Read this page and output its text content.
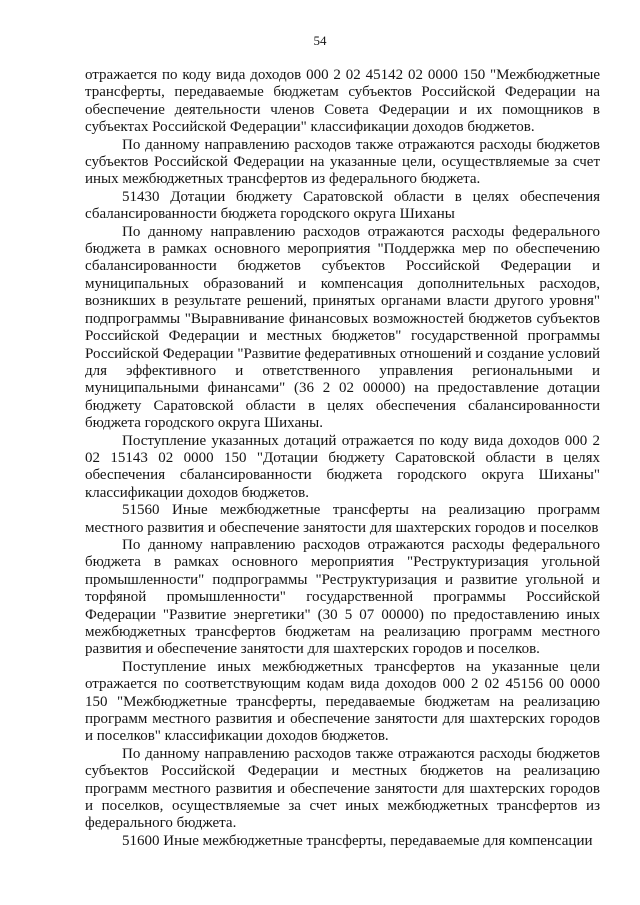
54

отражается по коду вида доходов 000 2 02 45142 02 0000 150 "Межбюджетные трансферты, передаваемые бюджетам субъектов Российской Федерации на обеспечение деятельности членов Совета Федерации и их помощников в субъектах Российской Федерации" классификации доходов бюджетов.

По данному направлению расходов также отражаются расходы бюджетов субъектов Российской Федерации на указанные цели, осуществляемые за счет иных межбюджетных трансфертов из федерального бюджета.

51430 Дотации бюджету Саратовской области в целях обеспечения сбалансированности бюджета городского округа Шиханы

По данному направлению расходов отражаются расходы федерального бюджета в рамках основного мероприятия "Поддержка мер по обеспечению сбалансированности бюджетов субъектов Российской Федерации и муниципальных образований и компенсация дополнительных расходов, возникших в результате решений, принятых органами власти другого уровня" подпрограммы "Выравнивание финансовых возможностей бюджетов субъектов Российской Федерации и местных бюджетов" государственной программы Российской Федерации "Развитие федеративных отношений и создание условий для эффективного и ответственного управления региональными и муниципальными финансами" (36 2 02 00000) на предоставление дотации бюджету Саратовской области в целях обеспечения сбалансированности бюджета городского округа Шиханы.

Поступление указанных дотаций отражается по коду вида доходов 000 2 02 15143 02 0000 150 "Дотации бюджету Саратовской области в целях обеспечения сбалансированности бюджета городского округа Шиханы" классификации доходов бюджетов.

51560 Иные межбюджетные трансферты на реализацию программ местного развития и обеспечение занятости для шахтерских городов и поселков

По данному направлению расходов отражаются расходы федерального бюджета в рамках основного мероприятия "Реструктуризация угольной промышленности" подпрограммы "Реструктуризация и развитие угольной и торфяной промышленности" государственной программы Российской Федерации "Развитие энергетики" (30 5 07 00000) по предоставлению иных межбюджетных трансфертов бюджетам на реализацию программ местного развития и обеспечение занятости для шахтерских городов и поселков.

Поступление иных межбюджетных трансфертов на указанные цели отражается по соответствующим кодам вида доходов 000 2 02 45156 00 0000 150 "Межбюджетные трансферты, передаваемые бюджетам на реализацию программ местного развития и обеспечение занятости для шахтерских городов и поселков" классификации доходов бюджетов.

По данному направлению расходов также отражаются расходы бюджетов субъектов Российской Федерации и местных бюджетов на реализацию программ местного развития и обеспечение занятости для шахтерских городов и поселков, осуществляемые за счет иных межбюджетных трансфертов из федерального бюджета.

51600 Иные межбюджетные трансферты, передаваемые для компенсации
